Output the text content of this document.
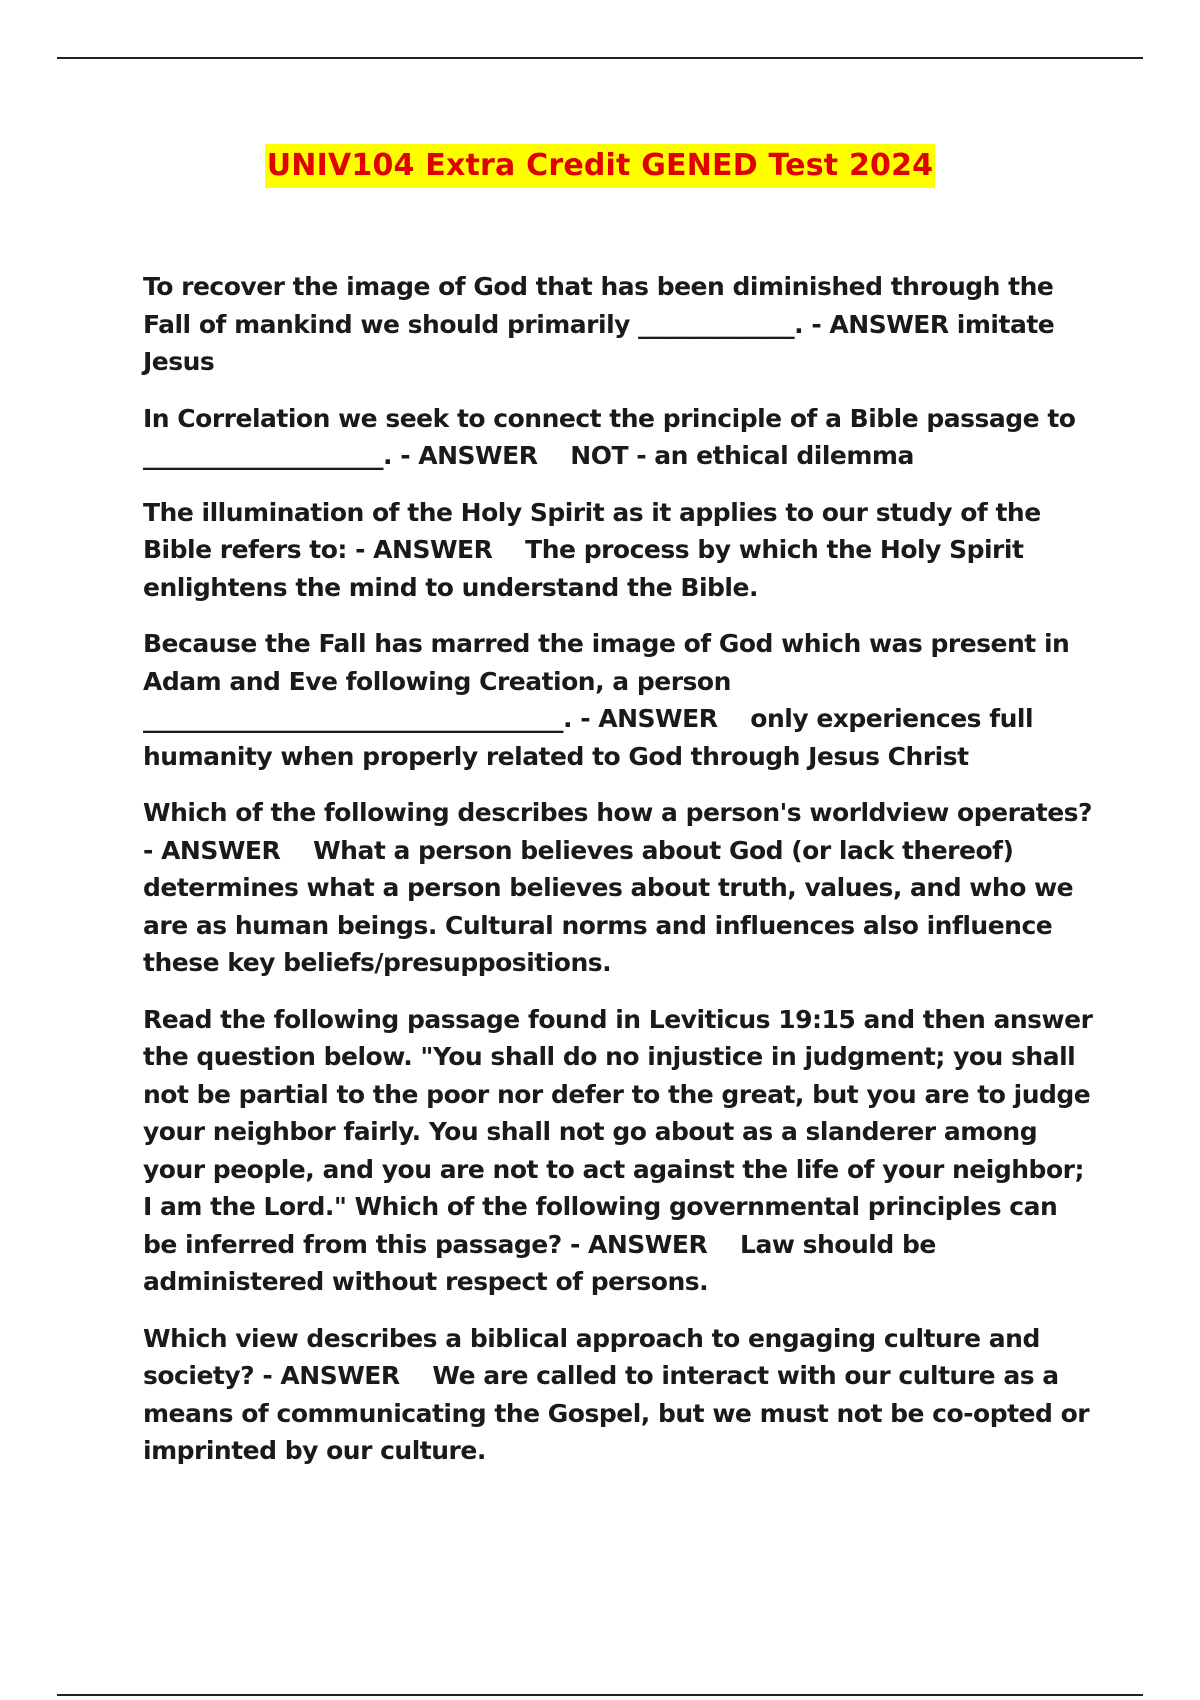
UNIV104 Extra Credit GENED Test 2024

To recover the image of God that has been diminished through the Fall of mankind we should primarily _____________. - ANSWER imitate Jesus

In Correlation we seek to connect the principle of a Bible passage to ____________________. - ANSWER    NOT - an ethical dilemma

The illumination of the Holy Spirit as it applies to our study of the Bible refers to: - ANSWER    The process by which the Holy Spirit enlightens the mind to understand the Bible.

Because the Fall has marred the image of God which was present in Adam and Eve following Creation, a person ___________________________________. - ANSWER    only experiences full humanity when properly related to God through Jesus Christ

Which of the following describes how a person's worldview operates? - ANSWER    What a person believes about God (or lack thereof) determines what a person believes about truth, values, and who we are as human beings. Cultural norms and influences also influence these key beliefs/presuppositions.

Read the following passage found in Leviticus 19:15 and then answer the question below. "You shall do no injustice in judgment; you shall not be partial to the poor nor defer to the great, but you are to judge your neighbor fairly. You shall not go about as a slanderer among your people, and you are not to act against the life of your neighbor; I am the Lord." Which of the following governmental principles can be inferred from this passage? - ANSWER    Law should be administered without respect of persons.

Which view describes a biblical approach to engaging culture and society? - ANSWER    We are called to interact with our culture as a means of communicating the Gospel, but we must not be co-opted or imprinted by our culture.
